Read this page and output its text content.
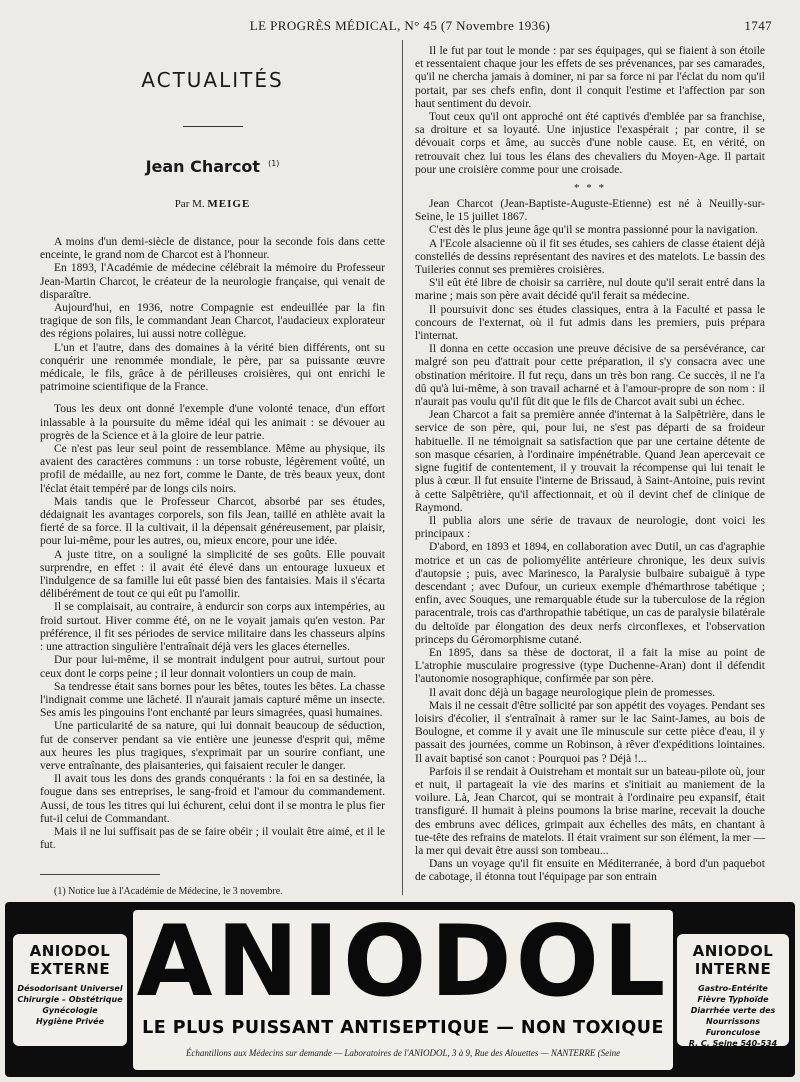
LE PROGRÈS MÉDICAL, N° 45 (7 Novembre 1936)	1747
ACTUALITÉS
Jean Charcot $^{(1)}$
Par M. MEIGE

A moins d'un demi-siècle de distance, pour la seconde fois dans cette enceinte, le grand nom de Charcot est à l'honneur.

En 1893, l'Académie de médecine célébrait la mémoire du Professeur Jean-Martin Charcot, le créateur de la neurologie française, qui venait de disparaître.

Aujourd'hui, en 1936, notre Compagnie est endeuillée par la fin tragique de son fils, le commandant Jean Charcot, l'audacieux explorateur des régions polaires, lui aussi notre collègue.

L'un et l'autre, dans des domaines à la vérité bien différents, ont su conquérir une renommée mondiale, le père, par sa puissante œuvre médicale, le fils, grâce à de périlleuses croisières, qui ont enrichi le patrimoine scientifique de la France.

Tous les deux ont donné l'exemple d'une volonté tenace, d'un effort inlassable à la poursuite du même idéal qui les animait : se dévouer au progrès de la Science et à la gloire de leur patrie.

Ce n'est pas leur seul point de ressemblance. Même au physique, ils avaient des caractères communs : un torse robuste, légèrement voûté, un profil de médaille, au nez fort, comme le Dante, de très beaux yeux, dont l'éclat était tempéré par de longs cils noirs.

Mais tandis que le Professeur Charcot, absorbé par ses études, dédaignait les avantages corporels, son fils Jean, taillé en athlète avait la fierté de sa force. Il la cultivait, il la dépensait généreusement, par plaisir, pour lui-même, pour les autres, ou, mieux encore, pour une idée.

A juste titre, on a souligné la simplicité de ses goûts. Elle pouvait surprendre, en effet : il avait été élevé dans un entourage luxueux et l'indulgence de sa famille lui eût passé bien des fantaisies. Mais il s'écarta délibérément de tout ce qui eût pu l'amollir.

Il se complaisait, au contraire, à endurcir son corps aux intempéries, au froid surtout. Hiver comme été, on ne le voyait jamais qu'en veston. Par préférence, il fit ses périodes de service militaire dans les chasseurs alpins : une attraction singulière l'entraînait déjà vers les glaces éternelles.

Dur pour lui-même, il se montrait indulgent pour autrui, surtout pour ceux dont le corps peine ; il leur donnait volontiers un coup de main.

Sa tendresse était sans bornes pour les bêtes, toutes les bêtes. La chasse l'indignait comme une lâcheté. Il n'aurait jamais capturé même un insecte. Ses amis les pingouins l'ont enchanté par leurs simagrées, quasi humaines.

Une particularité de sa nature, qui lui donnait beaucoup de séduction, fut de conserver pendant sa vie entière une jeunesse d'esprit qui, même aux heures les plus tragiques, s'exprimait par un sourire confiant, une verve entraînante, des plaisanteries, qui faisaient reculer le danger.

Il avait tous les dons des grands conquérants : la foi en sa destinée, la fougue dans ses entreprises, le sang-froid et l'amour du commandement. Aussi, de tous les titres qui lui échurent, celui dont il se montra le plus fier fut-il celui de Commandant.

Mais il ne lui suffisait pas de se faire obéir ; il voulait être aimé, et il le fut.

(1) Notice lue à l'Académie de Médecine, le 3 novembre.

Il le fut par tout le monde : par ses équipages, qui se fiaient à son étoile et ressentaient chaque jour les effets de ses prévenances, par ses camarades, qu'il ne chercha jamais à dominer, ni par sa force ni par l'éclat du nom qu'il portait, par ses chefs enfin, dont il conquit l'estime et l'affection par son haut sentiment du devoir.

Tout ceux qu'il ont approché ont été captivés d'emblée par sa franchise, sa droiture et sa loyauté. Une injustice l'exaspérait ; par contre, il se dévouait corps et âme, au succès d'une noble cause. Et, en vérité, on retrouvait chez lui tous les élans des chevaliers du Moyen-Age. Il partait pour une croisière comme pour une croisade.

* * *

Jean Charcot (Jean-Baptiste-Auguste-Etienne) est né à Neuilly-sur-Seine, le 15 juillet 1867.

C'est dès le plus jeune âge qu'il se montra passionné pour la navigation.

A l'Ecole alsacienne où il fit ses études, ses cahiers de classe étaient déjà constellés de dessins représentant des navires et des matelots. Le bassin des Tuileries connut ses premières croisières.

S'il eût été libre de choisir sa carrière, nul doute qu'il serait entré dans la marine ; mais son père avait décidé qu'il ferait sa médecine.

Il poursuivit donc ses études classiques, entra à la Faculté et passa le concours de l'externat, où il fut admis dans les premiers, puis prépara l'internat.

Il donna en cette occasion une preuve décisive de sa persévérance, car malgré son peu d'attrait pour cette préparation, il s'y consacra avec une obstination méritoire. Il fut reçu, dans un très bon rang. Ce succès, il ne l'a dû qu'à lui-même, à son travail acharné et à l'amour-propre de son nom : il n'aurait pas voulu qu'il fût dit que le fils de Charcot avait subi un échec.

Jean Charcot a fait sa première année d'internat à la Salpêtrière, dans le service de son père, qui, pour lui, ne s'est pas départi de sa froideur habituelle. Il ne témoignait sa satisfaction que par une certaine détente de son masque césarien, à l'ordinaire impénétrable. Quand Jean apercevait ce signe fugitif de contentement, il y trouvait la récompense qui lui tenait le plus à cœur. Il fut ensuite l'interne de Brissaud, à Saint-Antoine, puis revint à cette Salpêtrière, qu'il affectionnait, et où il devint chef de clinique de Raymond.

Il publia alors une série de travaux de neurologie, dont voici les principaux :

D'abord, en 1893 et 1894, en collaboration avec Dutil, un cas d'agraphie motrice et un cas de poliomyélite antérieure chronique, les deux suivis d'autopsie ; puis, avec Marinesco, la Paralysie bulbaire subaiguë à type descendant ; avec Dufour, un curieux exemple d'hémarthrose tabétique ; enfin, avec Souques, une remarquable étude sur la tuberculose de la région paracentrale, trois cas d'arthropathie tabétique, un cas de paralysie bilatérale du deltoïde par élongation des deux nerfs circonflexes, et l'observation princeps du Géromorphisme cutané.

En 1895, dans sa thèse de doctorat, il a fait la mise au point de L'atrophie musculaire progressive (type Duchenne-Aran) dont il défendit l'autonomie nosographique, confirmée par son père.

Il avait donc déjà un bagage neurologique plein de promesses.

Mais il ne cessait d'être sollicité par son appétit des voyages. Pendant ses loisirs d'écolier, il s'entraînait à ramer sur le lac Saint-James, au bois de Boulogne, et comme il y avait une île minuscule sur cette pièce d'eau, il y passait des journées, comme un Robinson, à rêver d'expéditions lointaines. Il avait baptisé son canot : Pourquoi pas ? Déjà !...

Parfois il se rendait à Ouistreham et montait sur un bateau-pilote où, jour et nuit, il partageait la vie des marins et s'initiait au maniement de la voilure. Là, Jean Charcot, qui se montrait à l'ordinaire peu expansif, était transfiguré. Il humait à pleins poumons la brise marine, recevait la douche des embruns avec délices, grimpait aux échelles des mâts, en chantant à tue-tête des refrains de matelots. Il était vraiment sur son élément, la mer — la mer qui devait être aussi son tombeau...

Dans un voyage qu'il fit ensuite en Méditerranée, à bord d'un paquebot de cabotage, il étonna tout l'équipage par son entrain

ANIODOL EXTERNE
Désodorisant Universel
Chirurgie – Obstétrique
Gynécologie
Hygiène Privée
ANIODOL
LE PLUS PUISSANT ANTISEPTIQUE — NON TOXIQUE
Échantillons aux Médecins sur demande — Laboratoires de l'ANIODOL, 3 à 9, Rue des Alouettes — NANTERRE (Seine
ANIODOL INTERNE
Gastro-Entérite
Fièvre Typhoïde
Diarrhée verte des Nourrissons
Furonculose
R. C. Seine 540-534
